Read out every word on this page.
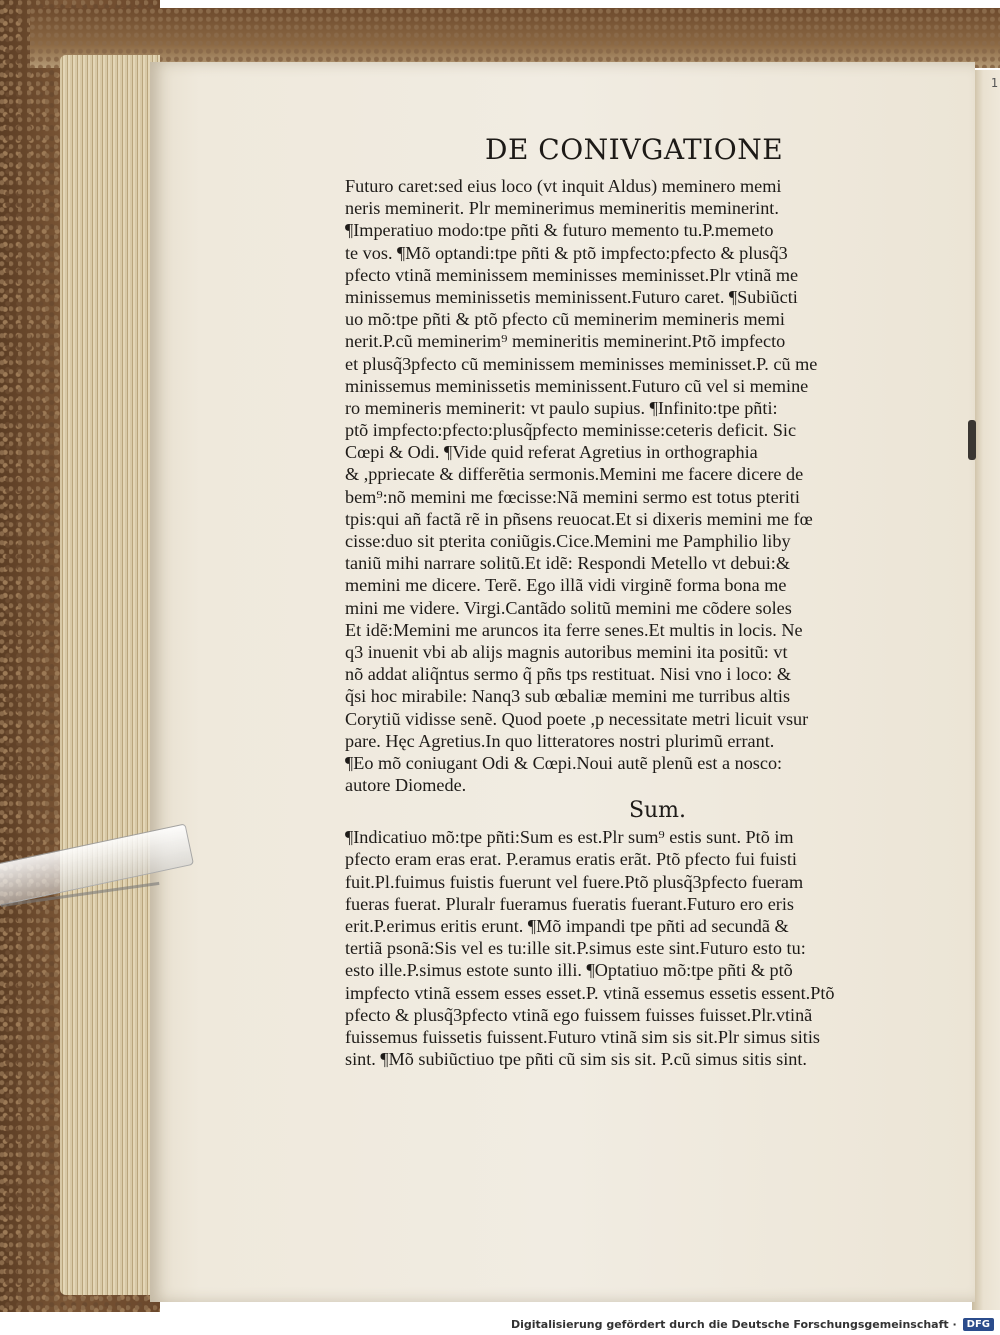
1
DE CONIVGATIONE
Futuro caret:sed eius loco (vt inquit Aldus) meminero memi
neris meminerit. Plr meminerimus memineritis meminerint.
¶Imperatiuo modo:tpe pñti & futuro memento tu.P.memeto
te vos. ¶Mõ optandi:tpe pñti & ptõ impfecto:pfecto & plusq̃3
pfecto vtinã meminissem meminisses meminisset.Plr vtinã me
minissemus meminissetis meminissent.Futuro caret. ¶Subiũcti
uo mõ:tpe pñti & ptõ pfecto cũ meminerim memineris memi
nerit.P.cũ meminerim⁹ memineritis meminerint.Ptõ impfecto
et plusq̃3pfecto cũ meminissem meminisses meminisset.P. cũ me
minissemus meminissetis meminissent.Futuro cũ vel si memine
ro memineris meminerit: vt paulo supius. ¶Infinito:tpe pñti:
ptõ impfecto:pfecto:plusq̃pfecto meminisse:ceteris deficit. Sic
Cœpi & Odi. ¶Vide quid referat Agretius in orthographia
& ,ppriecate & differẽtia sermonis.Memini me facere dicere de
bem⁹:nõ memini me fœcisse:Nã memini sermo est totus pteriti
tpis:qui añ factã rẽ in pñsens reuocat.Et si dixeris memini me fœ
cisse:duo sit pterita coniũgis.Cice.Memini me Pamphilio liby
taniũ mihi narrare solitũ.Et idẽ: Respondi Metello vt debui:&
memini me dicere. Terẽ. Ego illã vidi virginẽ forma bona me
mini me videre. Virgi.Cantãdo solitũ memini me cõdere soles
Et idẽ:Memini me aruncos ita ferre senes.Et multis in locis. Ne
q3 inuenit vbi ab alijs magnis autoribus memini ita positũ: vt
nõ addat aliq̃ntus sermo q̃ pñs tps restituat. Nisi vno i loco: &
q̃si hoc mirabile: Nanq3 sub œbaliæ memini me turribus altis
Corytiũ vidisse senẽ. Quod poete ,p necessitate metri licuit vsur
pare. Hęc Agretius.In quo litteratores nostri plurimũ errant.
¶Eo mõ coniugant Odi & Cœpi.Noui autẽ plenũ est a nosco:
autore Diomede.
Sum.
¶Indicatiuo mõ:tpe pñti:Sum es est.Plr sum⁹ estis sunt. Ptõ im
pfecto eram eras erat. P.eramus eratis erãt. Ptõ pfecto fui fuisti
fuit.Pl.fuimus fuistis fuerunt vel fuere.Ptõ plusq̃3pfecto fueram
fueras fuerat. Pluralr fueramus fueratis fuerant.Futuro ero eris
erit.P.erimus eritis erunt. ¶Mõ impandi tpe pñti ad secundã &
tertiã psonã:Sis vel es tu:ille sit.P.simus este sint.Futuro esto tu:
esto ille.P.simus estote sunto illi. ¶Optatiuo mõ:tpe pñti & ptõ
impfecto vtinã essem esses esset.P. vtinã essemus essetis essent.Ptõ
pfecto & plusq̃3pfecto vtinã ego fuissem fuisses fuisset.Plr.vtinã
fuissemus fuissetis fuissent.Futuro vtinã sim sis sit.Plr simus sitis
sint. ¶Mõ subiũctiuo tpe pñti cũ sim sis sit. P.cũ simus sitis sint.
Digitalisierung gefördert durch die Deutsche Forschungsgemeinschaft ·	DFG
